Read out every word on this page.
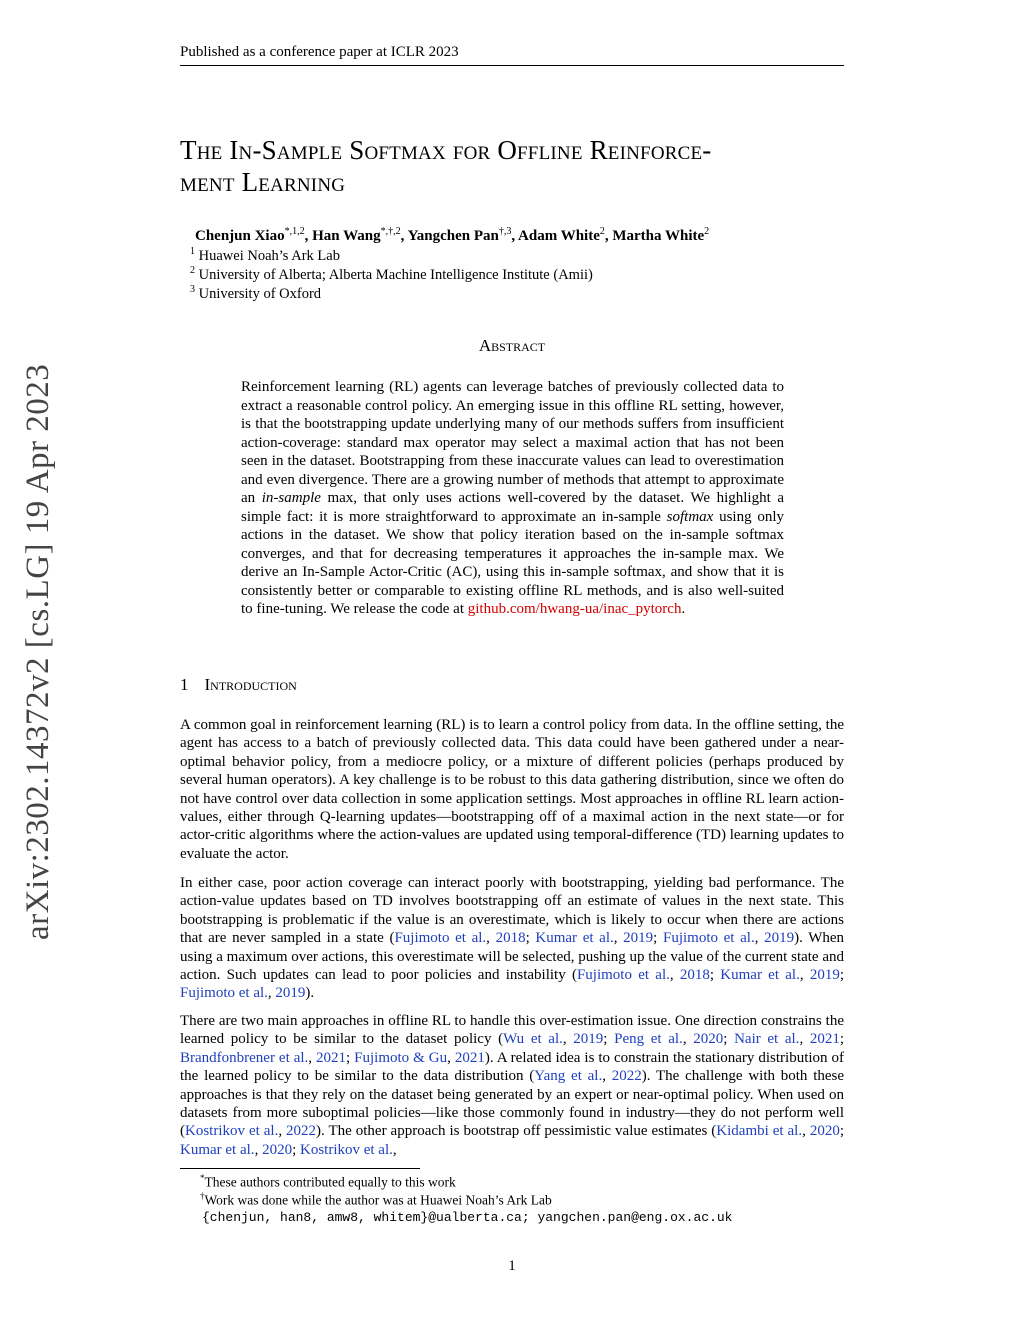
Published as a conference paper at ICLR 2023
arXiv:2302.14372v2 [cs.LG] 19 Apr 2023
The In-Sample Softmax for Offline Reinforce-
ment Learning
Chenjun Xiao$^{*,1,2}$, Han Wang$^{*,\dagger,2}$, Yangchen Pan$^{\dagger,3}$, Adam White$^2$, Martha White$^2$
$^1$ Huawei Noah’s Ark Lab
$^2$ University of Alberta; Alberta Machine Intelligence Institute (Amii)
$^3$ University of Oxford
Abstract
Reinforcement learning (RL) agents can leverage batches of previously collected data to extract a reasonable control policy. An emerging issue in this offline RL setting, however, is that the bootstrapping update underlying many of our methods suffers from insufficient action-coverage: standard max operator may select a maximal action that has not been seen in the dataset. Bootstrapping from these inaccurate values can lead to overestimation and even divergence. There are a growing number of methods that attempt to approximate an in-sample max, that only uses actions well-covered by the dataset. We highlight a simple fact: it is more straightforward to approximate an in-sample softmax using only actions in the dataset. We show that policy iteration based on the in-sample softmax converges, and that for decreasing temperatures it approaches the in-sample max. We derive an In-Sample Actor-Critic (AC), using this in-sample softmax, and show that it is consistently better or comparable to existing offline RL methods, and is also well-suited to fine-tuning. We release the code at github.com/hwang-ua/inac_pytorch.
1 Introduction
A common goal in reinforcement learning (RL) is to learn a control policy from data. In the offline setting, the agent has access to a batch of previously collected data. This data could have been gathered under a near-optimal behavior policy, from a mediocre policy, or a mixture of different policies (perhaps produced by several human operators). A key challenge is to be robust to this data gathering distribution, since we often do not have control over data collection in some application settings. Most approaches in offline RL learn action-values, either through Q-learning updates—bootstrapping off of a maximal action in the next state—or for actor-critic algorithms where the action-values are updated using temporal-difference (TD) learning updates to evaluate the actor.
In either case, poor action coverage can interact poorly with bootstrapping, yielding bad performance. The action-value updates based on TD involves bootstrapping off an estimate of values in the next state. This bootstrapping is problematic if the value is an overestimate, which is likely to occur when there are actions that are never sampled in a state (Fujimoto et al., 2018; Kumar et al., 2019; Fujimoto et al., 2019). When using a maximum over actions, this overestimate will be selected, pushing up the value of the current state and action. Such updates can lead to poor policies and instability (Fujimoto et al., 2018; Kumar et al., 2019; Fujimoto et al., 2019).
There are two main approaches in offline RL to handle this over-estimation issue. One direction constrains the learned policy to be similar to the dataset policy (Wu et al., 2019; Peng et al., 2020; Nair et al., 2021; Brandfonbrener et al., 2021; Fujimoto & Gu, 2021). A related idea is to constrain the stationary distribution of the learned policy to be similar to the data distribution (Yang et al., 2022). The challenge with both these approaches is that they rely on the dataset being generated by an expert or near-optimal policy. When used on datasets from more suboptimal policies—like those commonly found in industry—they do not perform well (Kostrikov et al., 2022). The other approach is bootstrap off pessimistic value estimates (Kidambi et al., 2020; Kumar et al., 2020; Kostrikov et al.,
*These authors contributed equally to this work
†Work was done while the author was at Huawei Noah’s Ark Lab
{chenjun, han8, amw8, whitem}@ualberta.ca; yangchen.pan@eng.ox.ac.uk
1
